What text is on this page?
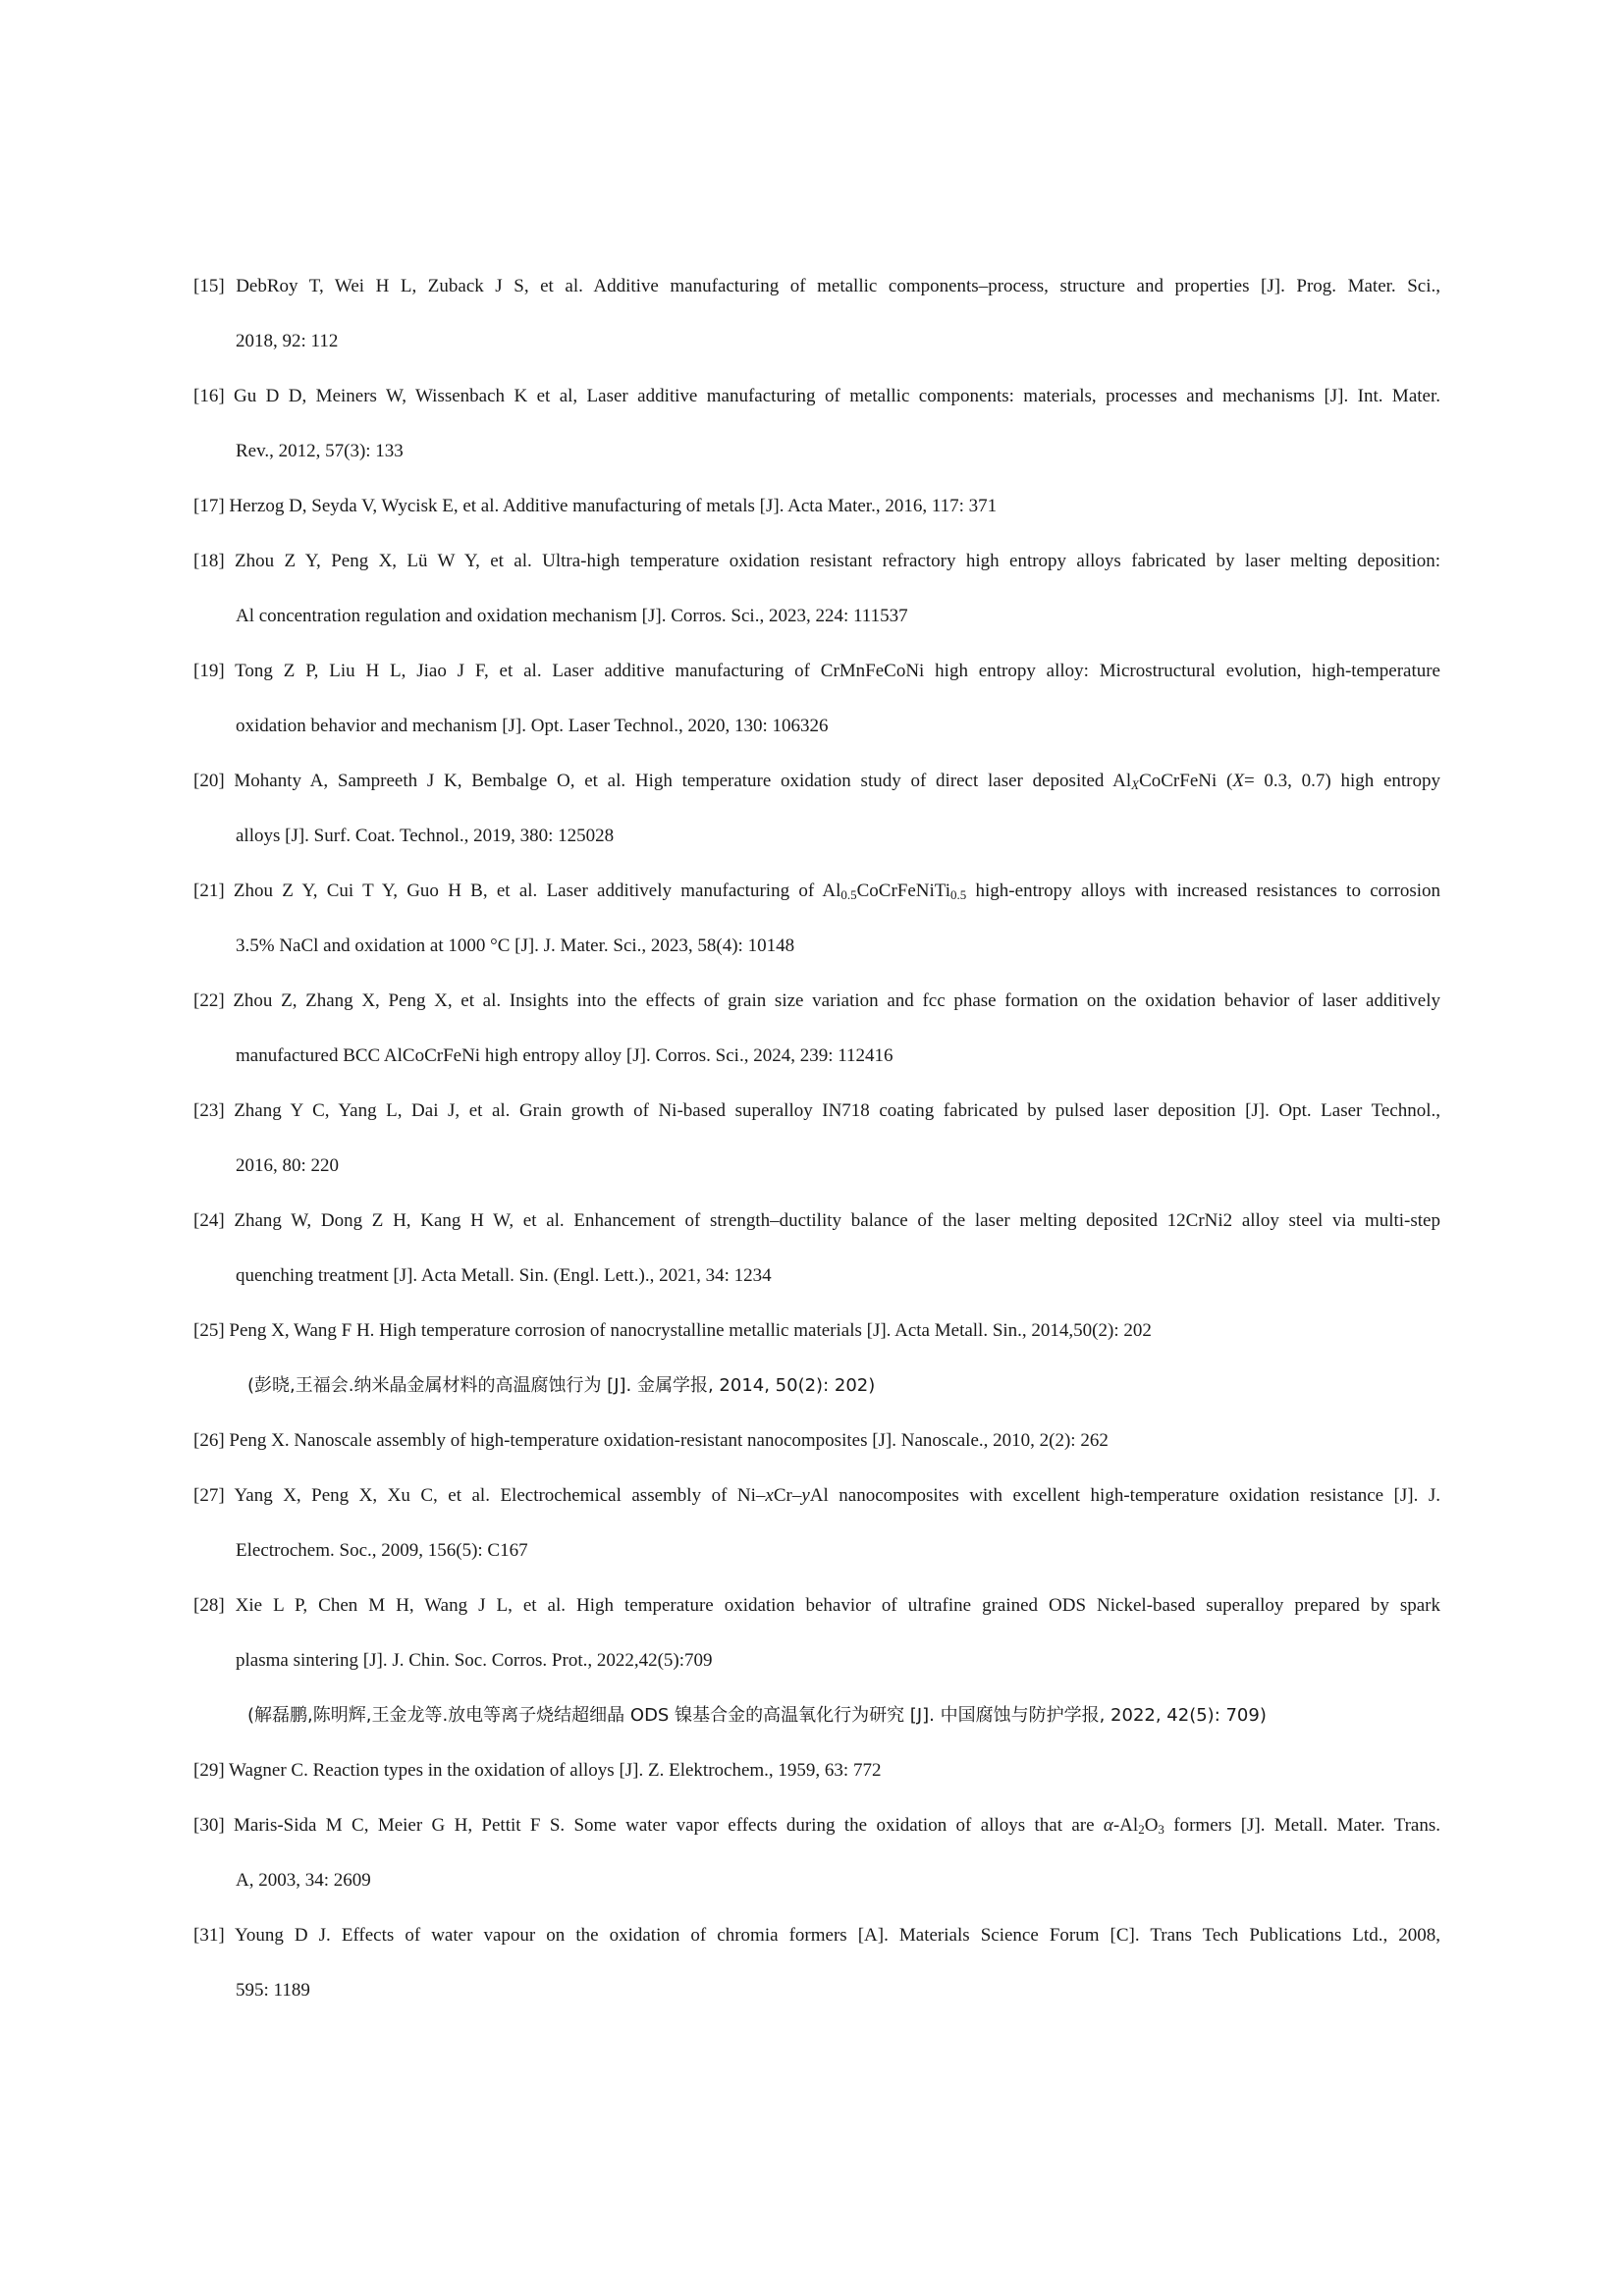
[15] DebRoy T, Wei H L, Zuback J S, et al. Additive manufacturing of metallic components–process, structure and properties [J]. Prog. Mater. Sci.,
2018, 92: 112
[16] Gu D D, Meiners W, Wissenbach K et al, Laser additive manufacturing of metallic components: materials, processes and mechanisms [J]. Int. Mater.
Rev., 2012, 57(3): 133
[17] Herzog D, Seyda V, Wycisk E, et al. Additive manufacturing of metals [J]. Acta Mater., 2016, 117: 371
[18] Zhou Z Y, Peng X, Lü W Y, et al. Ultra-high temperature oxidation resistant refractory high entropy alloys fabricated by laser melting deposition:
Al concentration regulation and oxidation mechanism [J]. Corros. Sci., 2023, 224: 111537
[19] Tong Z P, Liu H L, Jiao J F, et al. Laser additive manufacturing of CrMnFeCoNi high entropy alloy: Microstructural evolution, high-temperature
oxidation behavior and mechanism [J]. Opt. Laser Technol., 2020, 130: 106326
[20] Mohanty A, Sampreeth J K, Bembalge O, et al. High temperature oxidation study of direct laser deposited $Al_XCoCrFeNi$ (X= 0.3, 0.7) high entropy
alloys [J]. Surf. Coat. Technol., 2019, 380: 125028
[21] Zhou Z Y, Cui T Y, Guo H B, et al. Laser additively manufacturing of $Al_{0.5}CoCrFeNiTi_{0.5}$ high-entropy alloys with increased resistances to corrosion
3.5% NaCl and oxidation at 1000 °C [J]. J. Mater. Sci., 2023, 58(4): 10148
[22] Zhou Z, Zhang X, Peng X, et al. Insights into the effects of grain size variation and fcc phase formation on the oxidation behavior of laser additively
manufactured BCC AlCoCrFeNi high entropy alloy [J]. Corros. Sci., 2024, 239: 112416
[23] Zhang Y C, Yang L, Dai J, et al. Grain growth of Ni-based superalloy IN718 coating fabricated by pulsed laser deposition [J]. Opt. Laser Technol.,
2016, 80: 220
[24] Zhang W, Dong Z H, Kang H W, et al. Enhancement of strength–ductility balance of the laser melting deposited 12CrNi2 alloy steel via multi-step
quenching treatment [J]. Acta Metall. Sin. (Engl. Lett.)., 2021, 34: 1234
[25] Peng X, Wang F H. High temperature corrosion of nanocrystalline metallic materials [J]. Acta Metall. Sin., 2014,50(2): 202
(彭晓,王福会.纳米晶金属材料的高温腐蚀行为 [J]. 金属学报, 2014, 50(2): 202)
[26] Peng X. Nanoscale assembly of high-temperature oxidation-resistant nanocomposites [J]. Nanoscale., 2010, 2(2): 262
[27] Yang X, Peng X, Xu C, et al. Electrochemical assembly of Ni–xCr–yAl nanocomposites with excellent high-temperature oxidation resistance [J]. J.
Electrochem. Soc., 2009, 156(5): C167
[28] Xie L P, Chen M H, Wang J L, et al. High temperature oxidation behavior of ultrafine grained ODS Nickel-based superalloy prepared by spark
plasma sintering [J]. J. Chin. Soc. Corros. Prot., 2022,42(5):709
(解磊鹏,陈明辉,王金龙等.放电等离子烧结超细晶 ODS 镍基合金的高温氧化行为研究 [J]. 中国腐蚀与防护学报, 2022, 42(5): 709)
[29] Wagner C. Reaction types in the oxidation of alloys [J]. Z. Elektrochem., 1959, 63: 772
[30] Maris-Sida M C, Meier G H, Pettit F S. Some water vapor effects during the oxidation of alloys that are $\alpha-Al_2O_3$ formers [J]. Metall. Mater. Trans.
A, 2003, 34: 2609
[31] Young D J. Effects of water vapour on the oxidation of chromia formers [A]. Materials Science Forum [C]. Trans Tech Publications Ltd., 2008,
595: 1189
